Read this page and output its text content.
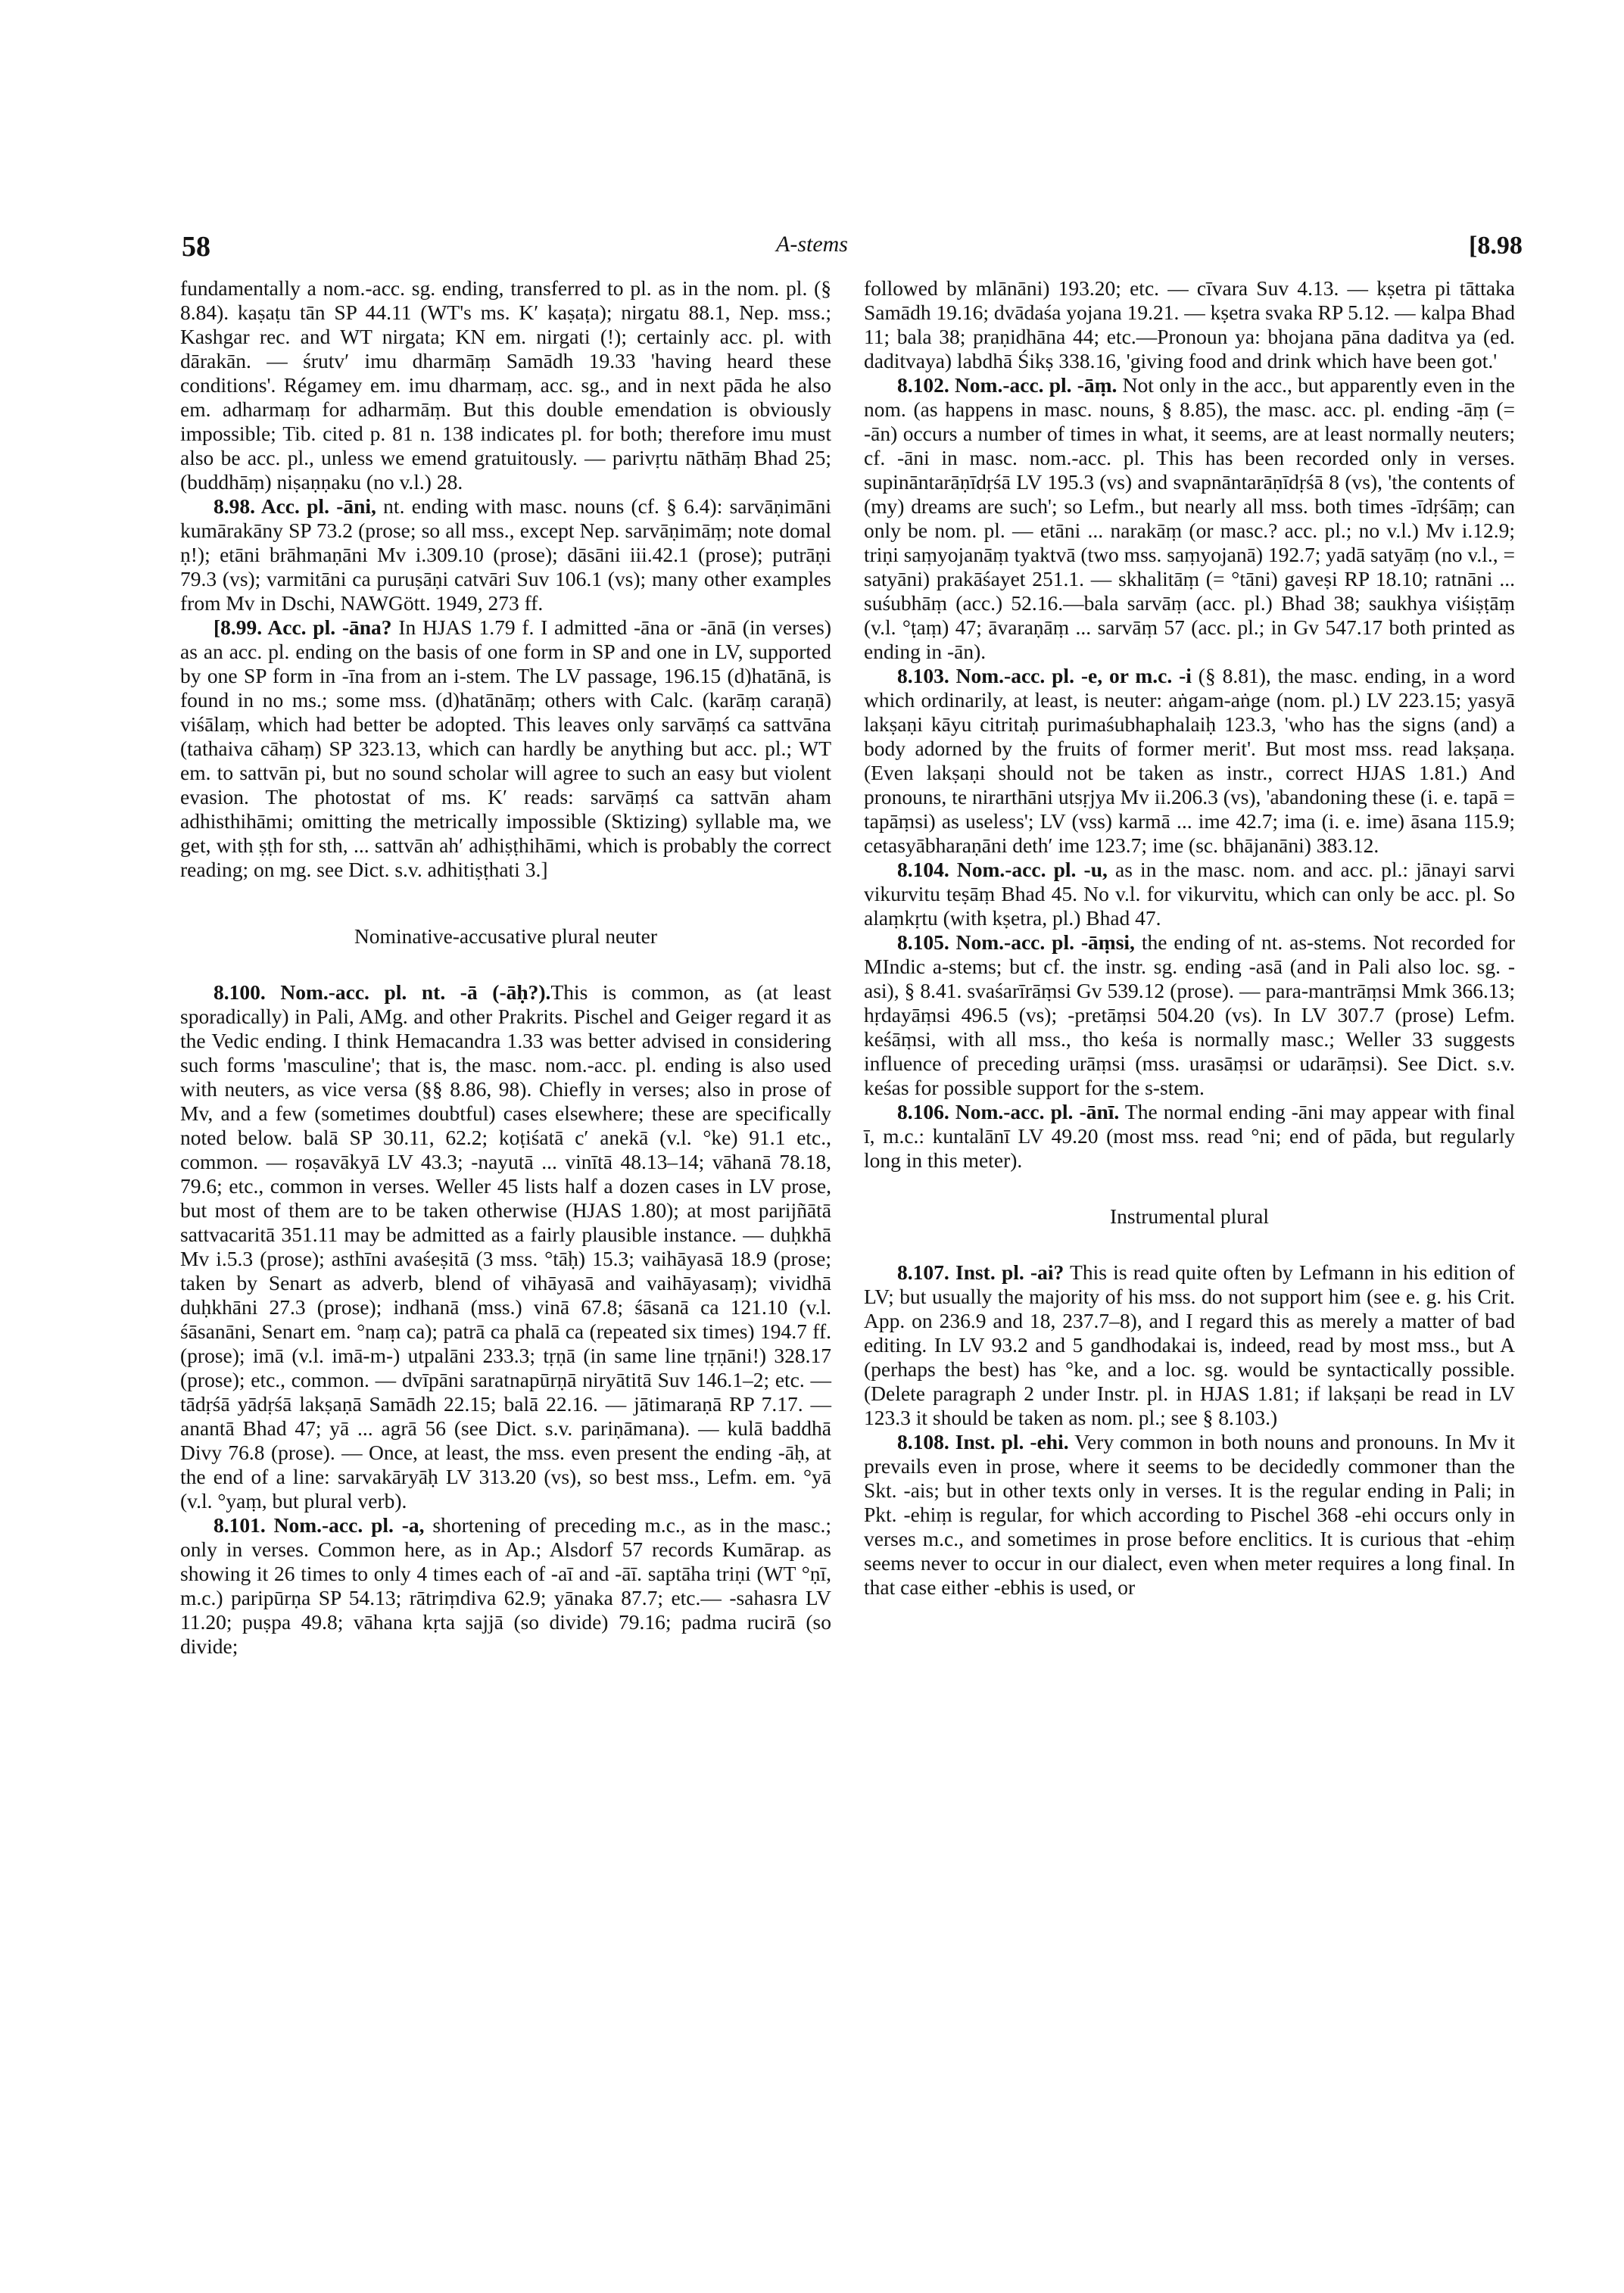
58	A-stems	[8.98

fundamentally a nom.-acc. sg. ending, transferred to pl. as in the nom. pl. (§ 8.84). kaṣaṭu tān SP 44.11 (WT's ms. K′ kaṣaṭa); nirgatu 88.1, Nep. mss.; Kashgar rec. and WT nirgata; KN em. nirgati (!); certainly acc. pl. with dārakān. — śrutv′ imu dharmāṃ Samādh 19.33 'having heard these conditions'. Régamey em. imu dharmaṃ, acc. sg., and in next pāda he also em. adharmaṃ for adharmāṃ. But this double emendation is obviously impossible; Tib. cited p. 81 n. 138 indicates pl. for both; therefore imu must also be acc. pl., unless we emend gratuitously. — parivṛtu nāthāṃ Bhad 25; (buddhāṃ) niṣaṇṇaku (no v.l.) 28.

8.98. Acc. pl. -āni, nt. ending with masc. nouns (cf. § 6.4): sarvāṇimāni kumārakāny SP 73.2 (prose; so all mss., except Nep. sarvāṇimāṃ; note domal ṇ!); etāni brāhmaṇāni Mv i.309.10 (prose); dāsāni iii.42.1 (prose); putrāṇi 79.3 (vs); varmitāni ca puruṣāṇi catvāri Suv 106.1 (vs); many other examples from Mv in Dschi, NAWGött. 1949, 273 ff.

[8.99. Acc. pl. -āna? In HJAS 1.79 f. I admitted -āna or -ānā (in verses) as an acc. pl. ending on the basis of one form in SP and one in LV, supported by one SP form in -īna from an i-stem. The LV passage, 196.15 (d)hatānā, is found in no ms.; some mss. (d)hatānāṃ; others with Calc. (karāṃ caraṇā) viśālaṃ, which had better be adopted. This leaves only sarvāṃś ca sattvāna (tathaiva cāhaṃ) SP 323.13, which can hardly be anything but acc. pl.; WT em. to sattvān pi, but no sound scholar will agree to such an easy but violent evasion. The photostat of ms. K′ reads: sarvāṃś ca sattvān aham adhisthihāmi; omitting the metrically impossible (Sktizing) syllable ma, we get, with ṣṭh for sth, ... sattvān ah′ adhiṣṭhihāmi, which is probably the correct reading; on mg. see Dict. s.v. adhitiṣṭhati 3.]

Nominative-accusative plural neuter

8.100. Nom.-acc. pl. nt. -ā (-āḥ?).This is common, as (at least sporadically) in Pali, AMg. and other Prakrits. Pischel and Geiger regard it as the Vedic ending. I think Hemacandra 1.33 was better advised in considering such forms 'masculine'; that is, the masc. nom.-acc. pl. ending is also used with neuters, as vice versa (§§ 8.86, 98). Chiefly in verses; also in prose of Mv, and a few (sometimes doubtful) cases elsewhere; these are specifically noted below. balā SP 30.11, 62.2; koṭiśatā c′ anekā (v.l. °ke) 91.1 etc., common. — roṣavākyā LV 43.3; -nayutā ... vinītā 48.13–14; vāhanā 78.18, 79.6; etc., common in verses. Weller 45 lists half a dozen cases in LV prose, but most of them are to be taken otherwise (HJAS 1.80); at most parijñātā sattvacaritā 351.11 may be admitted as a fairly plausible instance. — duḥkhā Mv i.5.3 (prose); asthīni avaśeṣitā (3 mss. °tāḥ) 15.3; vaihāyasā 18.9 (prose; taken by Senart as adverb, blend of vihāyasā and vaihāyasaṃ); vividhā duḥkhāni 27.3 (prose); indhanā (mss.) vinā 67.8; śāsanā ca 121.10 (v.l. śāsanāni, Senart em. °naṃ ca); patrā ca phalā ca (repeated six times) 194.7 ff. (prose); imā (v.l. imā-m-) utpalāni 233.3; tṛṇā (in same line tṛṇāni!) 328.17 (prose); etc., common. — dvīpāni saratnapūrṇā niryātitā Suv 146.1–2; etc. — tādṛśā yādṛśā lakṣaṇā Samādh 22.15; balā 22.16. — jātimaraṇā RP 7.17. — anantā Bhad 47; yā ... agrā 56 (see Dict. s.v. pariṇāmana). — kulā baddhā Divy 76.8 (prose). — Once, at least, the mss. even present the ending -āḥ, at the end of a line: sarvakāryāḥ LV 313.20 (vs), so best mss., Lefm. em. °yā (v.l. °yaṃ, but plural verb).

8.101. Nom.-acc. pl. -a, shortening of preceding m.c., as in the masc.; only in verses. Common here, as in Ap.; Alsdorf 57 records Kumārap. as showing it 26 times to only 4 times each of -aī and -āī. saptāha triṇi (WT °ṇī, m.c.) paripūrṇa SP 54.13; rātriṃdiva 62.9; yānaka 87.7; etc.— -sahasra LV 11.20; puṣpa 49.8; vāhana kṛta sajjā (so divide) 79.16; padma rucirā (so divide;

followed by mlānāni) 193.20; etc. — cīvara Suv 4.13. — kṣetra pi tāttaka Samādh 19.16; dvādaśa yojana 19.21. — kṣetra svaka RP 5.12. — kalpa Bhad 11; bala 38; praṇidhāna 44; etc.—Pronoun ya: bhojana pāna daditva ya (ed. daditvaya) labdhā Śikṣ 338.16, 'giving food and drink which have been got.'

8.102. Nom.-acc. pl. -āṃ. Not only in the acc., but apparently even in the nom. (as happens in masc. nouns, § 8.85), the masc. acc. pl. ending -āṃ (= -ān) occurs a number of times in what, it seems, are at least normally neuters; cf. -āni in masc. nom.-acc. pl. This has been recorded only in verses. supināntarāṇīdṛśā LV 195.3 (vs) and svapnāntarāṇīdṛśā 8 (vs), 'the contents of (my) dreams are such'; so Lefm., but nearly all mss. both times -īdṛśāṃ; can only be nom. pl. — etāni ... narakāṃ (or masc.? acc. pl.; no v.l.) Mv i.12.9; triṇi saṃyojanāṃ tyaktvā (two mss. saṃyojanā) 192.7; yadā satyāṃ (no v.l., = satyāni) prakāśayet 251.1. — skhalitāṃ (= °tāni) gaveṣi RP 18.10; ratnāni ... suśubhāṃ (acc.) 52.16.—bala sarvāṃ (acc. pl.) Bhad 38; saukhya viśiṣṭāṃ (v.l. °ṭaṃ) 47; āvaraṇāṃ ... sarvāṃ 57 (acc. pl.; in Gv 547.17 both printed as ending in -ān).

8.103. Nom.-acc. pl. -e, or m.c. -i (§ 8.81), the masc. ending, in a word which ordinarily, at least, is neuter: aṅgam-aṅge (nom. pl.) LV 223.15; yasyā lakṣaṇi kāyu citritaḥ purimaśubhaphalaiḥ 123.3, 'who has the signs (and) a body adorned by the fruits of former merit'. But most mss. read lakṣaṇa. (Even lakṣaṇi should not be taken as instr., correct HJAS 1.81.) And pronouns, te nirarthāni utsṛjya Mv ii.206.3 (vs), 'abandoning these (i. e. tapā = tapāṃsi) as useless'; LV (vss) karmā ... ime 42.7; ima (i. e. ime) āsana 115.9; cetasyābharaṇāni deth′ ime 123.7; ime (sc. bhājanāni) 383.12.

8.104. Nom.-acc. pl. -u, as in the masc. nom. and acc. pl.: jānayi sarvi vikurvitu teṣāṃ Bhad 45. No v.l. for vikurvitu, which can only be acc. pl. So alaṃkṛtu (with kṣetra, pl.) Bhad 47.

8.105. Nom.-acc. pl. -āṃsi, the ending of nt. as-stems. Not recorded for MIndic a-stems; but cf. the instr. sg. ending -asā (and in Pali also loc. sg. -asi), § 8.41. svaśarīrāṃsi Gv 539.12 (prose). — para-mantrāṃsi Mmk 366.13; hṛdayāṃsi 496.5 (vs); -pretāṃsi 504.20 (vs). In LV 307.7 (prose) Lefm. keśāṃsi, with all mss., tho keśa is normally masc.; Weller 33 suggests influence of preceding urāṃsi (mss. urasāṃsi or udarāṃsi). See Dict. s.v. keśas for possible support for the s-stem.

8.106. Nom.-acc. pl. -ānī. The normal ending -āni may appear with final ī, m.c.: kuntalānī LV 49.20 (most mss. read °ni; end of pāda, but regularly long in this meter).

Instrumental plural

8.107. Inst. pl. -ai? This is read quite often by Lefmann in his edition of LV; but usually the majority of his mss. do not support him (see e. g. his Crit. App. on 236.9 and 18, 237.7–8), and I regard this as merely a matter of bad editing. In LV 93.2 and 5 gandhodakai is, indeed, read by most mss., but A (perhaps the best) has °ke, and a loc. sg. would be syntactically possible. (Delete paragraph 2 under Instr. pl. in HJAS 1.81; if lakṣaṇi be read in LV 123.3 it should be taken as nom. pl.; see § 8.103.)

8.108. Inst. pl. -ehi. Very common in both nouns and pronouns. In Mv it prevails even in prose, where it seems to be decidedly commoner than the Skt. -ais; but in other texts only in verses. It is the regular ending in Pali; in Pkt. -ehiṃ is regular, for which according to Pischel 368 -ehi occurs only in verses m.c., and sometimes in prose before enclitics. It is curious that -ehiṃ seems never to occur in our dialect, even when meter requires a long final. In that case either -ebhis is used, or
